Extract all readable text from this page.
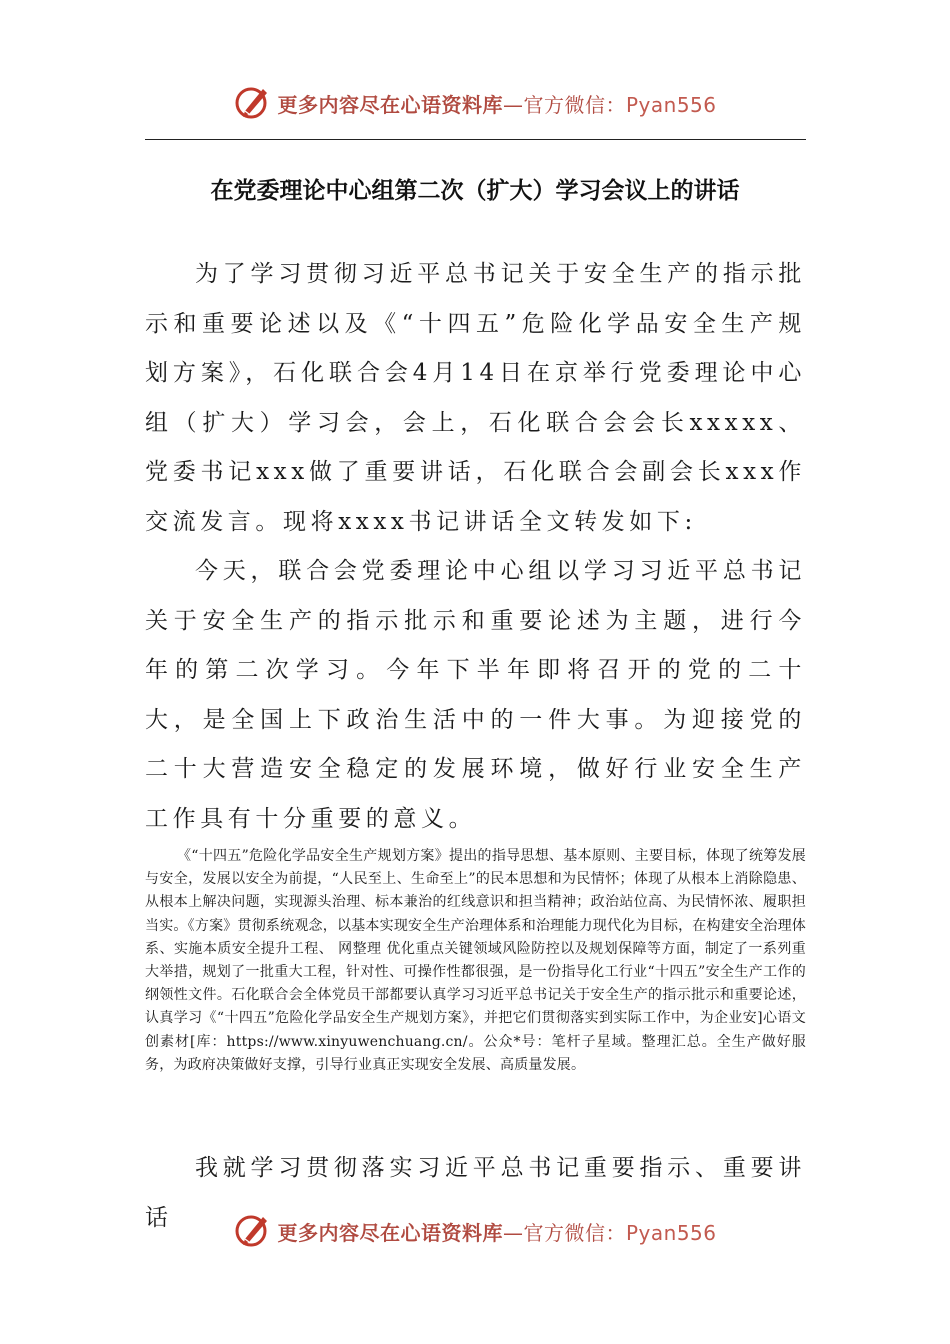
更多内容尽在心语资料库—官方微信：Pyan556
在党委理论中心组第二次（扩大）学习会议上的讲话

为了学习贯彻习近平总书记关于安全生产的指示批示和重要论述以及《“十四五”危险化学品安全生产规划方案》，石化联合会4月14日在京举行党委理论中心组（扩大）学习会，会上，石化联合会会长xxxxx、党委书记xxx做了重要讲话，石化联合会副会长xxx作交流发言。现将xxxx书记讲话全文转发如下:

今天，联合会党委理论中心组以学习习近平总书记关于安全生产的指示批示和重要论述为主题，进行今年的第二次学习。今年下半年即将召开的党的二十大，是全国上下政治生活中的一件大事。为迎接党的二十大营造安全稳定的发展环境，做好行业安全生产工作具有十分重要的意义。

《“十四五”危险化学品安全生产规划方案》提出的指导思想、基本原则、主要目标，体现了统筹发展与安全，发展以安全为前提，“人民至上、生命至上”的民本思想和为民情怀；体现了从根本上消除隐患、从根本上解决问题，实现源头治理、标本兼治的红线意识和担当精神；政治站位高、为民情怀浓、履职担当实。《方案》贯彻系统观念，以基本实现安全生产治理体系和治理能力现代化为目标，在构建安全治理体系、实施本质安全提升工程、 网整理 优化重点关键领域风险防控以及规划保障等方面，制定了一系列重大举措，规划了一批重大工程，针对性、可操作性都很强，是一份指导化工行业“十四五”安全生产工作的纲领性文件。石化联合会全体党员干部都要认真学习习近平总书记关于安全生产的指示批示和重要论述，认真学习《“十四五”危险化学品安全生产规划方案》，并把它们贯彻落实到实际工作中，为企业安]心语文创素材[库：https://www.xinyuwenchuang.cn/。公众*号：笔杆子星域。整理汇总。全生产做好服务，为政府决策做好支撑，引导行业真正实现安全发展、高质量发展。

我就学习贯彻落实习近平总书记重要指示、重要讲话

更多内容尽在心语资料库—官方微信：Pyan556
